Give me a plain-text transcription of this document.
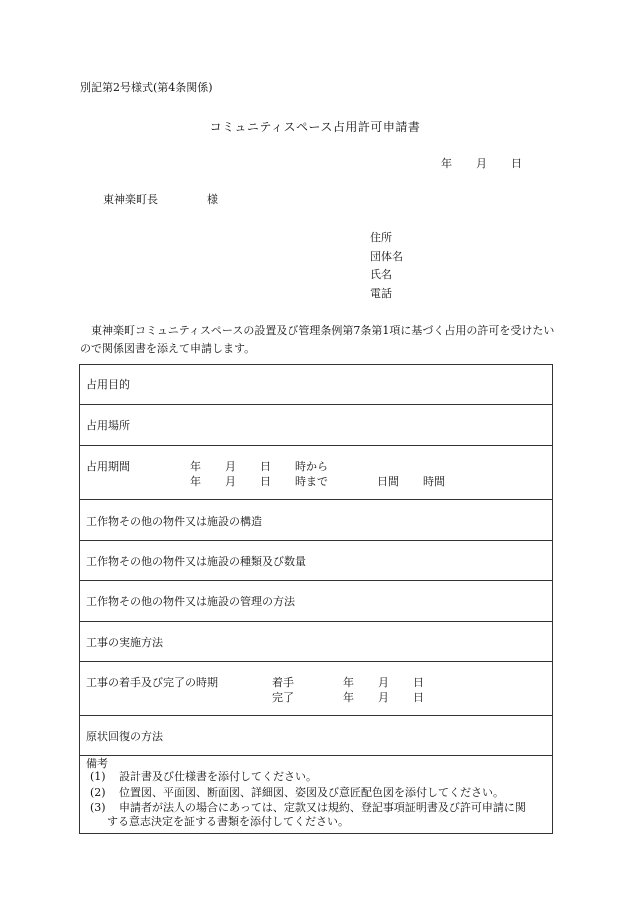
別記第2号様式(第4条関係)
コミュニティスペース占用許可申請書
年 月 日
東神楽町長	様
住所
団体名
氏名
電話
東神楽町コミュニティスペースの設置及び管理条例第7条第1項に基づく占用の許可を受けたいので関係図書を添えて申請します。
占用目的
占用場所
占用期間	年 月 日 時から
年 月 日 時まで	日間 時間
工作物その他の物件又は施設の構造
工作物その他の物件又は施設の種類及び数量
工作物その他の物件又は施設の管理の方法
工事の実施方法
工事の着手及び完了の時期	着手	年 月 日
完了	年 月 日
原状回復の方法
備考
(1)	設計書及び仕様書を添付してください。
(2)	位置図、平面図、断面図、詳細図、姿図及び意匠配色図を添付してください。
(3)	申請者が法人の場合にあっては、定款又は規約、登記事項証明書及び許可申請に関
する意志決定を証する書類を添付してください。
